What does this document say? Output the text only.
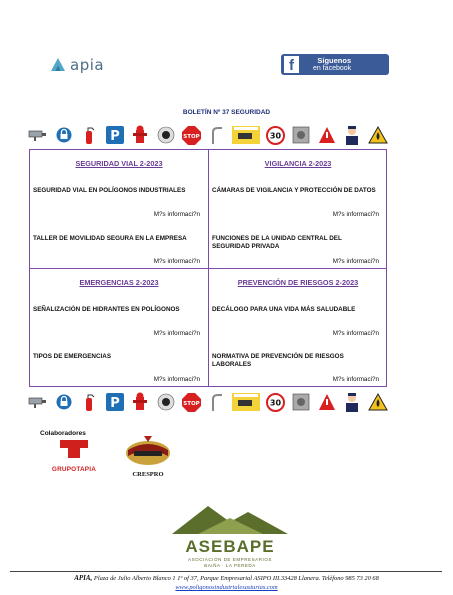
apia	f	Síguenos
en facebook
BOLETÍN Nº 37 SEGURIDAD
P	STOP	30
SEGURIDAD VIAL 2-2023
SEGURIDAD VIAL EN POLÍGONOS INDUSTRIALES
M?s informaci?n
TALLER DE MOVILIDAD SEGURA EN LA EMPRESA
M?s informaci?n
VIGILANCIA 2-2023
CÁMARAS DE VIGILANCIA Y PROTECCIÓN DE DATOS
M?s informaci?n
FUNCIONES DE LA UNIDAD CENTRAL DEL SEGURIDAD PRIVADA
M?s informaci?n
EMERGENCIAS 2-2023
SEÑALIZACIÓN DE HIDRANTES EN POLÍGONOS
M?s informaci?n
TIPOS DE EMERGENCIAS
M?s informaci?n
PREVENCIÓN DE RIESGOS 2-2023
DECÁLOGO PARA UNA VIDA MÁS SALUDABLE
M?s informaci?n
NORMATIVA DE PREVENCIÓN DE RIESGOS LABORALES
M?s informaci?n
P	STOP	30
Colaboradores
GRUPOTAPIA
CRESPRO
ASEBAPE
ASOCIACIÓN DE EMPRESARIOS
BAIÑA · LA PEREDA
APIA, Plaza de Julio Alberto Blanco 1 1º of 37, Parque Empresarial ASIPO III.33428 Llanera. Teléfono 985 73 20 68
www.poligonosindustrialesasturias.com
